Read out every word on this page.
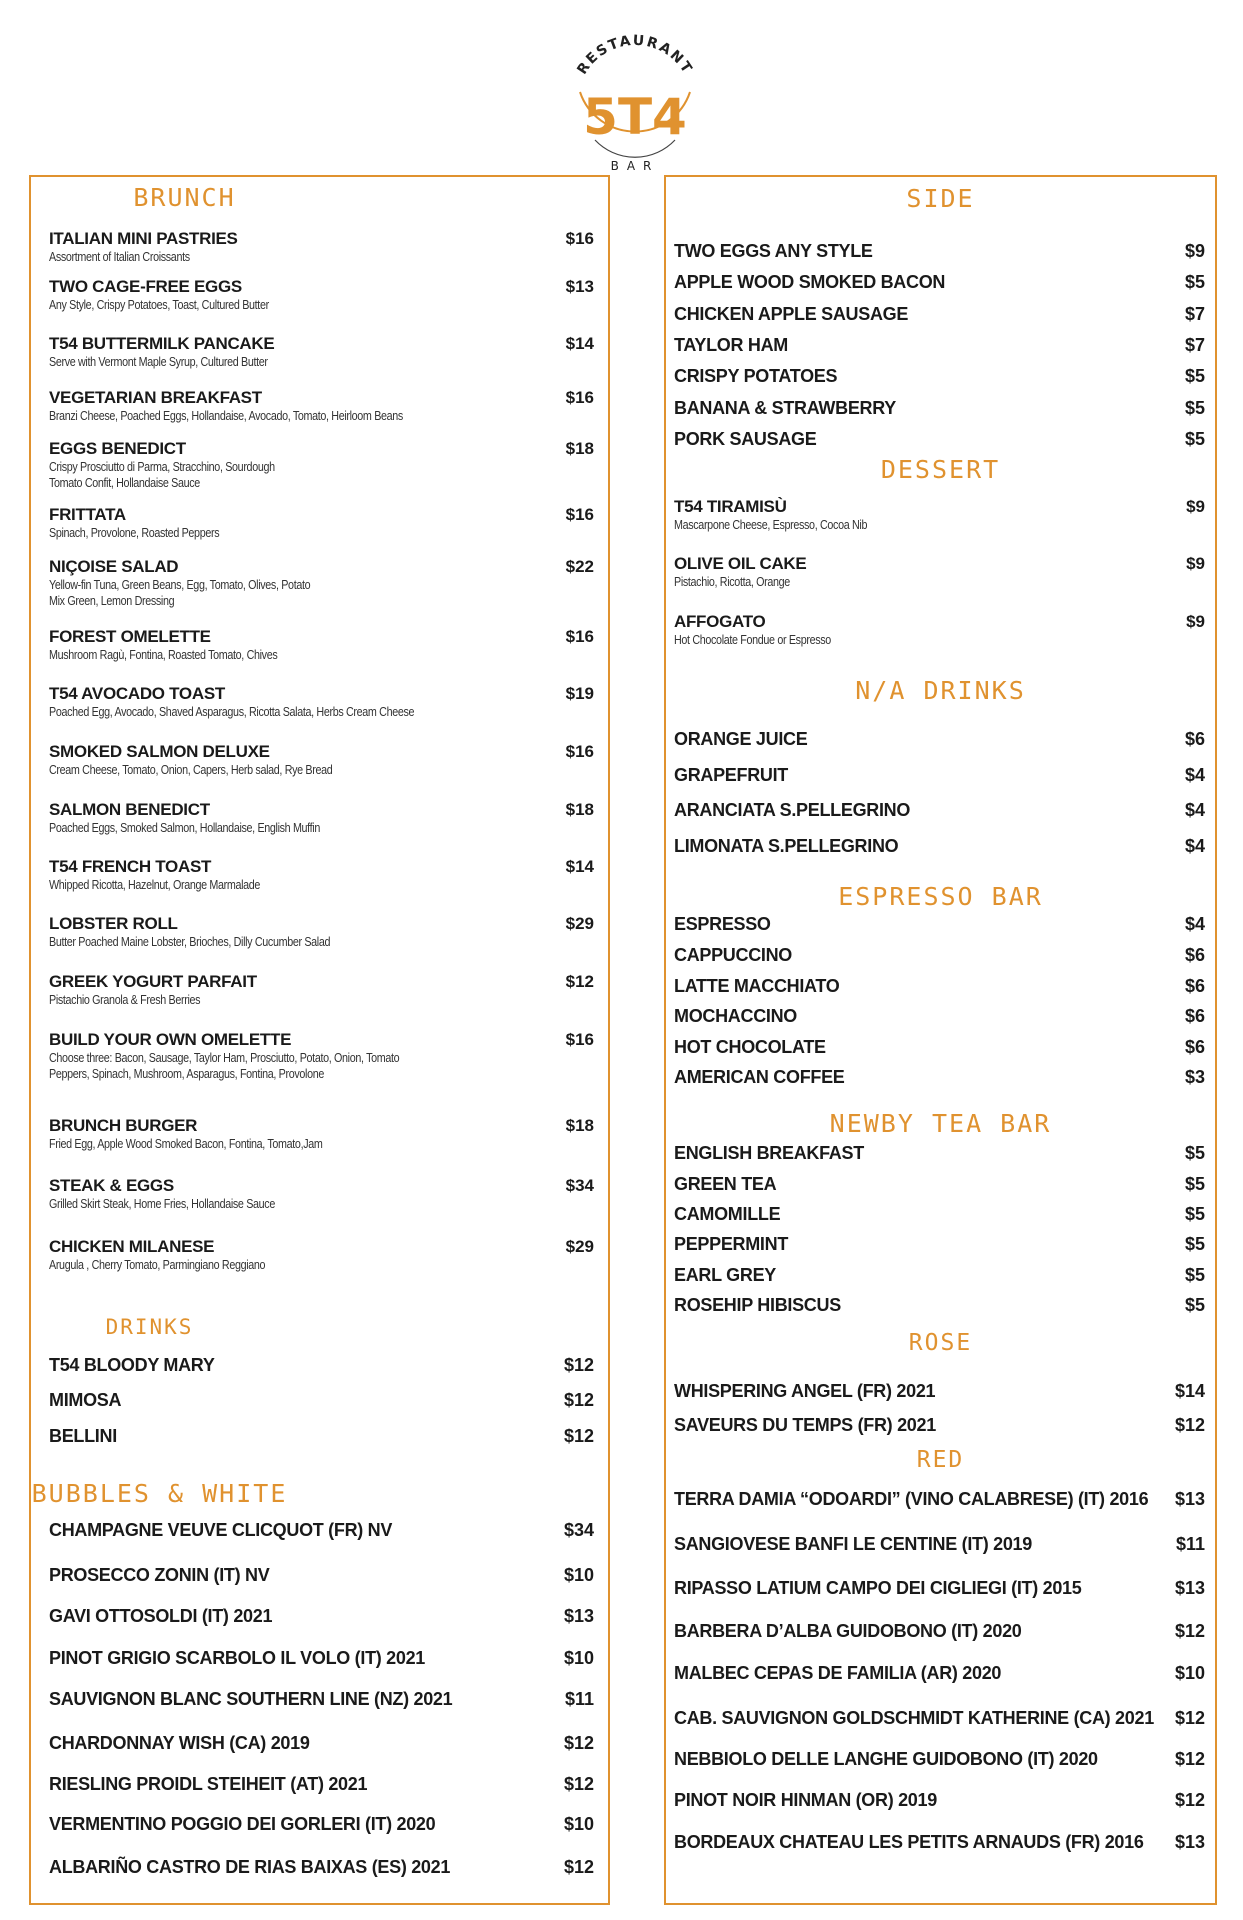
RESTAURANT
5T4
BAR
BRUNCH
ITALIAN MINI PASTRIES
Assortment of Italian Croissants
$16
TWO CAGE-FREE EGGS
Any Style, Crispy Potatoes, Toast, Cultured Butter
$13
T54 BUTTERMILK PANCAKE
Serve with Vermont Maple Syrup, Cultured Butter
$14
VEGETARIAN BREAKFAST
Branzi Cheese, Poached Eggs, Hollandaise, Avocado, Tomato, Heirloom Beans
$16
EGGS BENEDICT
Crispy Prosciutto di Parma, Stracchino, Sourdough
Tomato Confit, Hollandaise Sauce
$18
FRITTATA
Spinach, Provolone, Roasted Peppers
$16
NIÇOISE SALAD
Yellow-fin Tuna, Green Beans, Egg, Tomato, Olives, Potato
Mix Green, Lemon Dressing
$22
FOREST OMELETTE
Mushroom Ragù, Fontina, Roasted Tomato, Chives
$16
T54 AVOCADO TOAST
Poached Egg, Avocado, Shaved Asparagus, Ricotta Salata, Herbs Cream Cheese
$19
SMOKED SALMON DELUXE
Cream Cheese, Tomato, Onion, Capers, Herb salad, Rye Bread
$16
SALMON BENEDICT
Poached Eggs, Smoked Salmon, Hollandaise, English Muffin
$18
T54 FRENCH TOAST
Whipped Ricotta, Hazelnut, Orange Marmalade
$14
LOBSTER ROLL
Butter Poached Maine Lobster, Brioches, Dilly Cucumber Salad
$29
GREEK YOGURT PARFAIT
Pistachio Granola & Fresh Berries
$12
BUILD YOUR OWN OMELETTE
Choose three: Bacon, Sausage, Taylor Ham, Prosciutto, Potato, Onion, Tomato
Peppers, Spinach, Mushroom, Asparagus, Fontina, Provolone
$16
BRUNCH BURGER
Fried Egg, Apple Wood Smoked Bacon, Fontina, Tomato,Jam
$18
STEAK & EGGS
Grilled Skirt Steak, Home Fries, Hollandaise Sauce
$34
CHICKEN MILANESE
Arugula , Cherry Tomato, Parmingiano Reggiano
$29
DRINKS
T54 BLOODY MARY	$12
MIMOSA	$12
BELLINI	$12
BUBBLES & WHITE
CHAMPAGNE VEUVE CLICQUOT (FR) NV	$34
PROSECCO ZONIN (IT) NV	$10
GAVI OTTOSOLDI (IT) 2021	$13
PINOT GRIGIO SCARBOLO IL VOLO (IT) 2021	$10
SAUVIGNON BLANC SOUTHERN LINE (NZ) 2021	$11
CHARDONNAY WISH (CA) 2019	$12
RIESLING PROIDL STEIHEIT (AT) 2021	$12
VERMENTINO POGGIO DEI GORLERI (IT) 2020	$10
ALBARIÑO CASTRO DE RIAS BAIXAS (ES) 2021	$12
SIDE
TWO EGGS ANY STYLE	$9
APPLE WOOD SMOKED BACON	$5
CHICKEN APPLE SAUSAGE	$7
TAYLOR HAM	$7
CRISPY POTATOES	$5
BANANA & STRAWBERRY	$5
PORK SAUSAGE	$5
DESSERT
T54 TIRAMISÙ
Mascarpone Cheese, Espresso, Cocoa Nib
$9
OLIVE OIL CAKE
Pistachio, Ricotta, Orange
$9
AFFOGATO
Hot Chocolate Fondue or Espresso
$9
N/A DRINKS
ORANGE JUICE	$6
GRAPEFRUIT	$4
ARANCIATA S.PELLEGRINO	$4
LIMONATA S.PELLEGRINO	$4
ESPRESSO BAR
ESPRESSO	$4
CAPPUCCINO	$6
LATTE MACCHIATO	$6
MOCHACCINO	$6
HOT CHOCOLATE	$6
AMERICAN COFFEE	$3
NEWBY TEA BAR
ENGLISH BREAKFAST	$5
GREEN TEA	$5
CAMOMILLE	$5
PEPPERMINT	$5
EARL GREY	$5
ROSEHIP HIBISCUS	$5
ROSE
WHISPERING ANGEL (FR) 2021	$14
SAVEURS DU TEMPS (FR) 2021	$12
RED
TERRA DAMIA “ODOARDI” (VINO CALABRESE) (IT) 2016	$13
SANGIOVESE BANFI LE CENTINE (IT) 2019	$11
RIPASSO LATIUM CAMPO DEI CIGLIEGI (IT) 2015	$13
BARBERA D’ALBA GUIDOBONO (IT) 2020	$12
MALBEC CEPAS DE FAMILIA (AR) 2020	$10
CAB. SAUVIGNON GOLDSCHMIDT KATHERINE (CA) 2021	$12
NEBBIOLO DELLE LANGHE GUIDOBONO (IT) 2020	$12
PINOT NOIR HINMAN (OR) 2019	$12
BORDEAUX CHATEAU LES PETITS ARNAUDS (FR) 2016	$13
